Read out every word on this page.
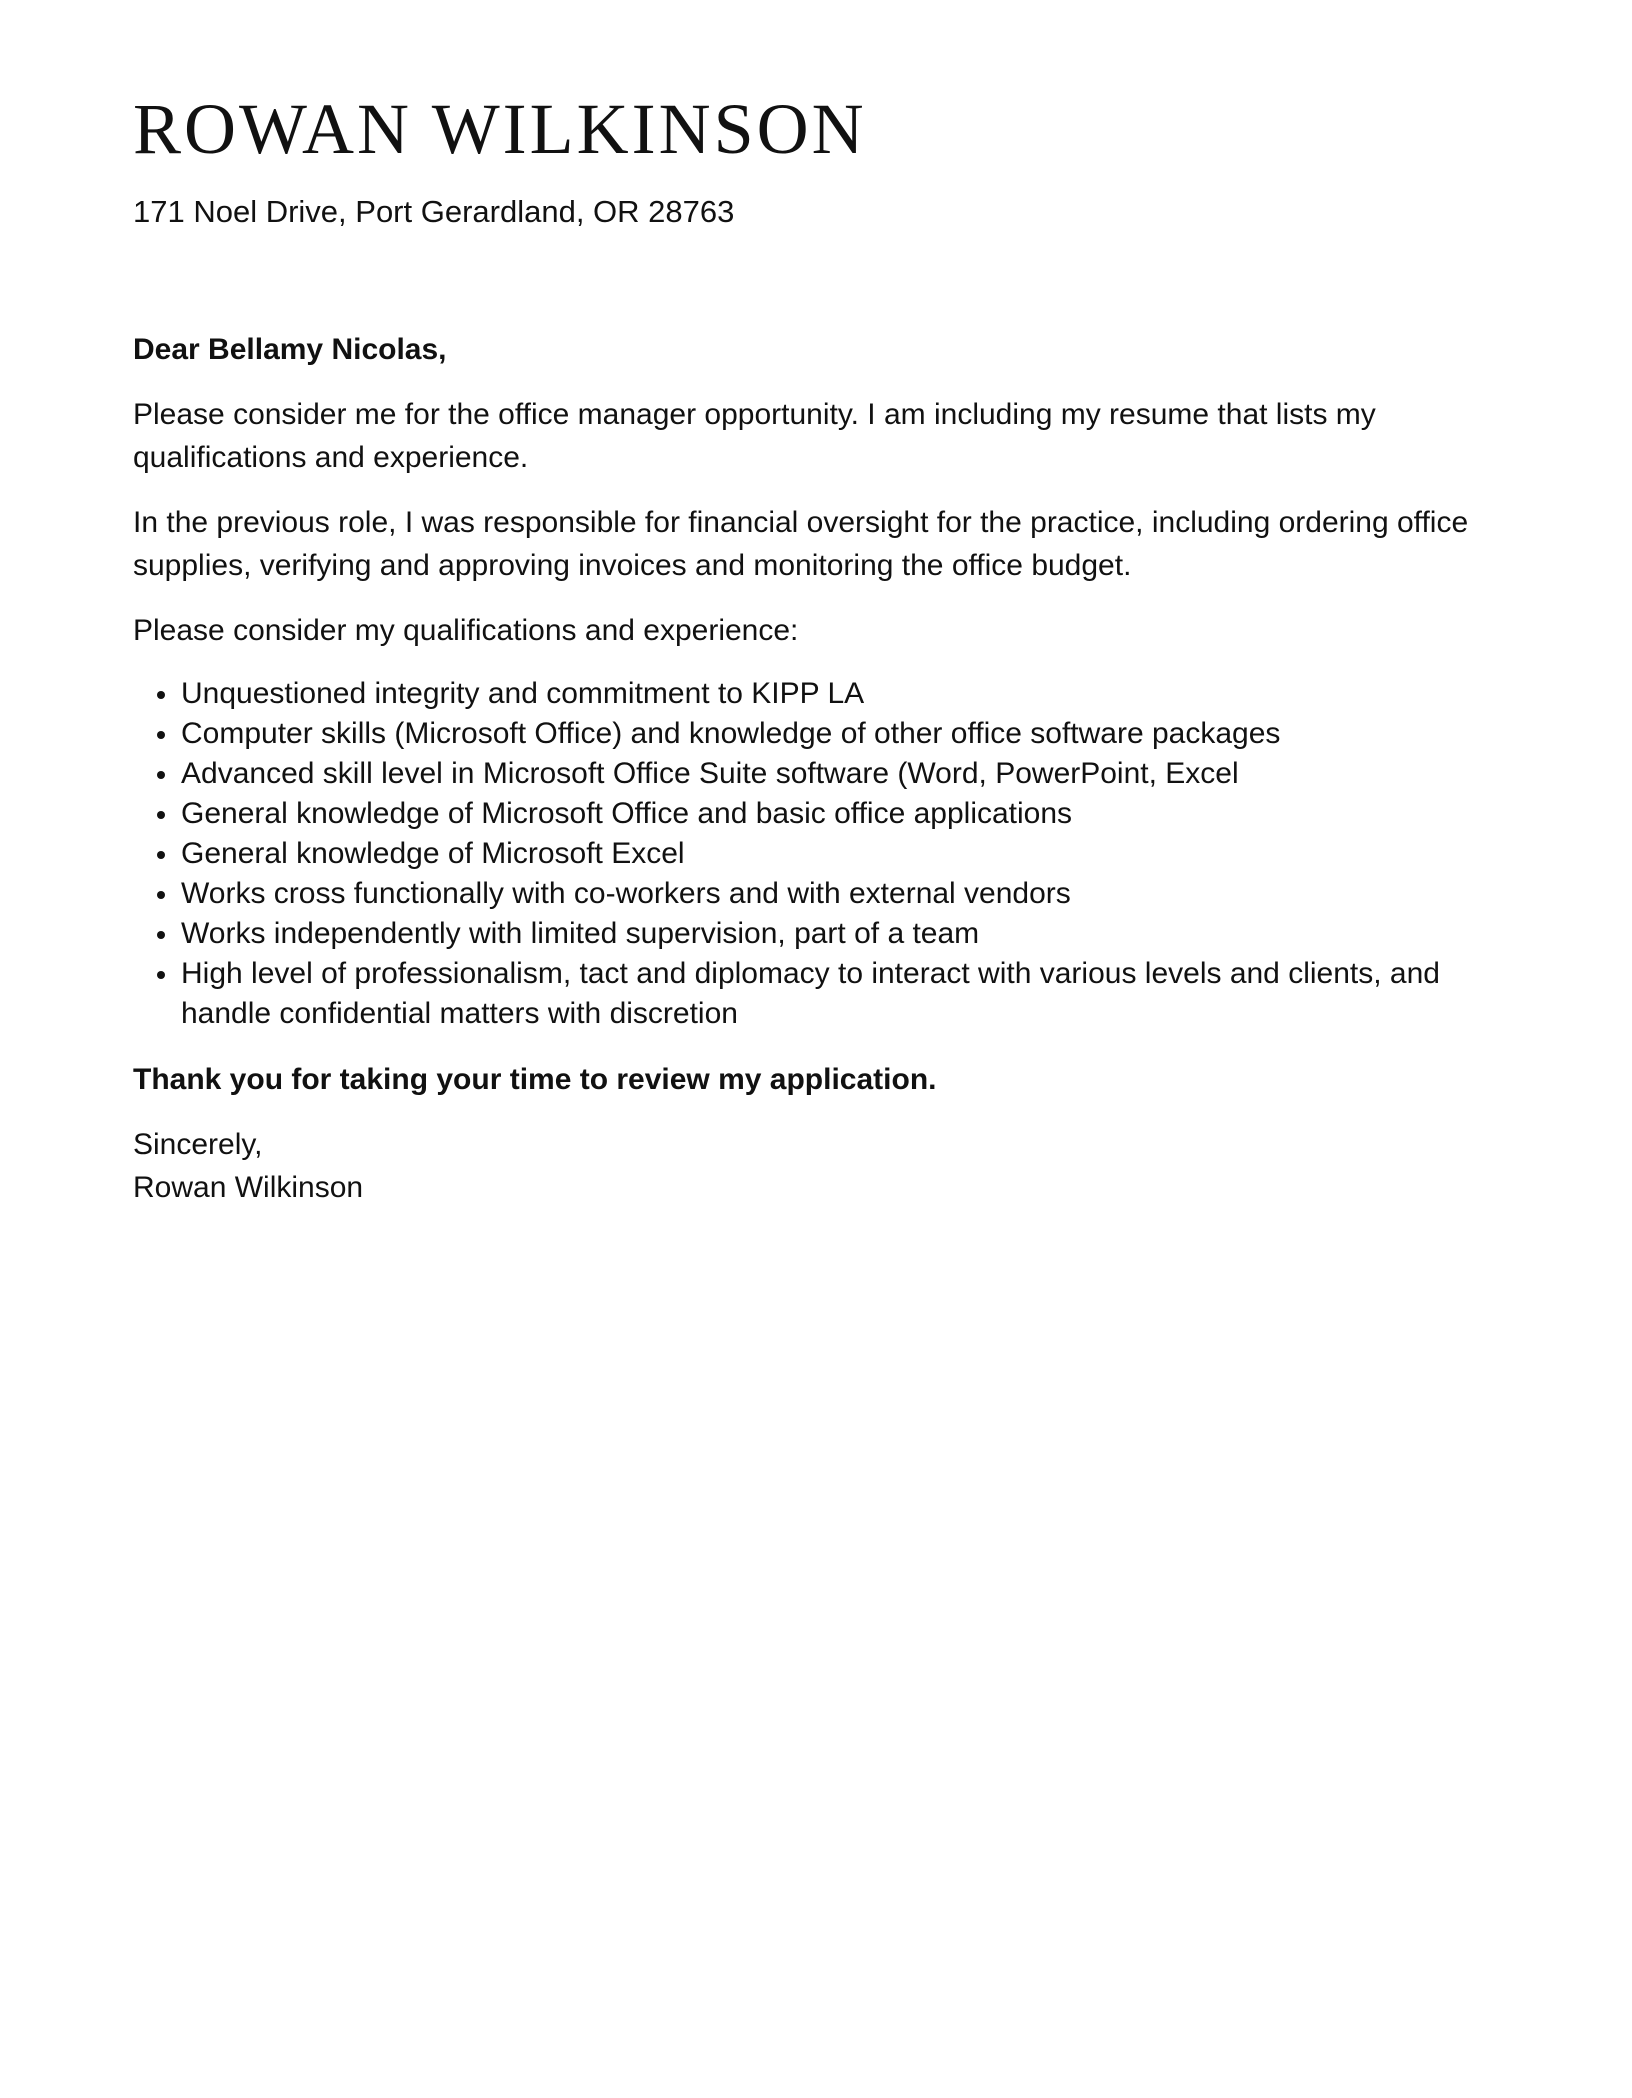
ROWAN WILKINSON
171 Noel Drive, Port Gerardland, OR 28763

Dear Bellamy Nicolas,

Please consider me for the office manager opportunity. I am including my resume that lists my qualifications and experience.

In the previous role, I was responsible for financial oversight for the practice, including ordering office supplies, verifying and approving invoices and monitoring the office budget.

Please consider my qualifications and experience:

Unquestioned integrity and commitment to KIPP LA
Computer skills (Microsoft Office) and knowledge of other office software packages
Advanced skill level in Microsoft Office Suite software (Word, PowerPoint, Excel
General knowledge of Microsoft Office and basic office applications
General knowledge of Microsoft Excel
Works cross functionally with co-workers and with external vendors
Works independently with limited supervision, part of a team
High level of professionalism, tact and diplomacy to interact with various levels and clients, and handle confidential matters with discretion

Thank you for taking your time to review my application.

Sincerely,

Rowan Wilkinson
